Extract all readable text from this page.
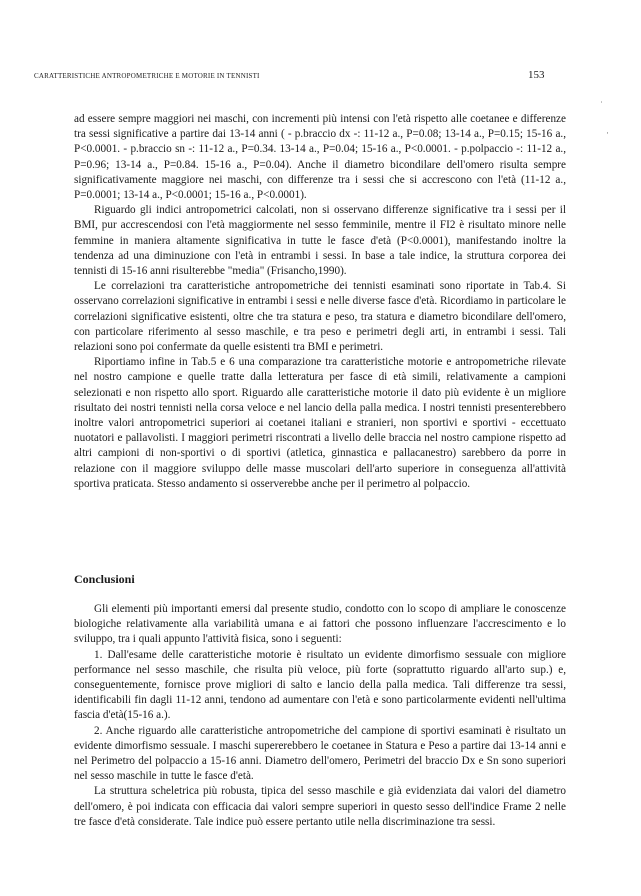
CARATTERISTICHE ANTROPOMETRICHE E MOTORIE IN TENNISTI	153

ad essere sempre maggiori nei maschi, con incrementi più intensi con l'età rispetto alle coetanee e differenze tra sessi significative a partire dai 13-14 anni ( - p.braccio dx -: 11-12 a., P=0.08; 13-14 a., P=0.15; 15-16 a., P<0.0001. - p.braccio sn -: 11-12 a., P=0.34. 13-14 a., P=0.04; 15-16 a., P<0.0001. - p.polpaccio -: 11-12 a., P=0.96; 13-14 a., P=0.84. 15-16 a., P=0.04). Anche il diametro bicondilare dell'omero risulta sempre significativamente maggiore nei maschi, con differenze tra i sessi che si accrescono con l'età (11-12 a., P=0.0001; 13-14 a., P<0.0001; 15-16 a., P<0.0001).

Riguardo gli indici antropometrici calcolati, non si osservano differenze significative tra i sessi per il BMI, pur accrescendosi con l'età maggiormente nel sesso femminile, mentre il FI2 è risultato minore nelle femmine in maniera altamente significativa in tutte le fasce d'età (P<0.0001), manifestando inoltre la tendenza ad una diminuzione con l'età in entrambi i sessi. In base a tale indice, la struttura corporea dei tennisti di 15-16 anni risulterebbe "media" (Frisancho,1990).

Le correlazioni tra caratteristiche antropometriche dei tennisti esaminati sono riportate in Tab.4. Si osservano correlazioni significative in entrambi i sessi e nelle diverse fasce d'età. Ricordiamo in particolare le correlazioni significative esistenti, oltre che tra statura e peso, tra statura e diametro bicondilare dell'omero, con particolare riferimento al sesso maschile, e tra peso e perimetri degli arti, in entrambi i sessi. Tali relazioni sono poi confermate da quelle esistenti tra BMI e perimetri.

Riportiamo infine in Tab.5 e 6 una comparazione tra caratteristiche motorie e antropometriche rilevate nel nostro campione e quelle tratte dalla letteratura per fasce di età simili, relativamente a campioni selezionati e non rispetto allo sport. Riguardo alle caratteristiche motorie il dato più evidente è un migliore risultato dei nostri tennisti nella corsa veloce e nel lancio della palla medica. I nostri tennisti presenterebbero inoltre valori antropometrici superiori ai coetanei italiani e stranieri, non sportivi e sportivi - eccettuato nuotatori e pallavolisti. I maggiori perimetri riscontrati a livello delle braccia nel nostro campione rispetto ad altri campioni di non-sportivi o di sportivi (atletica, ginnastica e pallacanestro) sarebbero da porre in relazione con il maggiore sviluppo delle masse muscolari dell'arto superiore in conseguenza all'attività sportiva praticata. Stesso andamento si osserverebbe anche per il perimetro al polpaccio.

Conclusioni

Gli elementi più importanti emersi dal presente studio, condotto con lo scopo di ampliare le conoscenze biologiche relativamente alla variabilità umana e ai fattori che possono influenzare l'accrescimento e lo sviluppo, tra i quali appunto l'attività fisica, sono i seguenti:

1. Dall'esame delle caratteristiche motorie è risultato un evidente dimorfismo sessuale con migliore performance nel sesso maschile, che risulta più veloce, più forte (soprattutto riguardo all'arto sup.) e, conseguentemente, fornisce prove migliori di salto e lancio della palla medica. Tali differenze tra sessi, identificabili fin dagli 11-12 anni, tendono ad aumentare con l'età e sono particolarmente evidenti nell'ultima fascia d'età(15-16 a.).

2. Anche riguardo alle caratteristiche antropometriche del campione di sportivi esaminati è risultato un evidente dimorfismo sessuale. I maschi supererebbero le coetanee in Statura e Peso a partire dai 13-14 anni e nel Perimetro del polpaccio a 15-16 anni. Diametro dell'omero, Perimetri del braccio Dx e Sn sono superiori nel sesso maschile in tutte le fasce d'età.

La struttura scheletrica più robusta, tipica del sesso maschile e già evidenziata dai valori del diametro dell'omero, è poi indicata con efficacia dai valori sempre superiori in questo sesso dell'indice Frame 2 nelle tre fasce d'età considerate. Tale indice può essere pertanto utile nella discriminazione tra sessi.

˙
·
